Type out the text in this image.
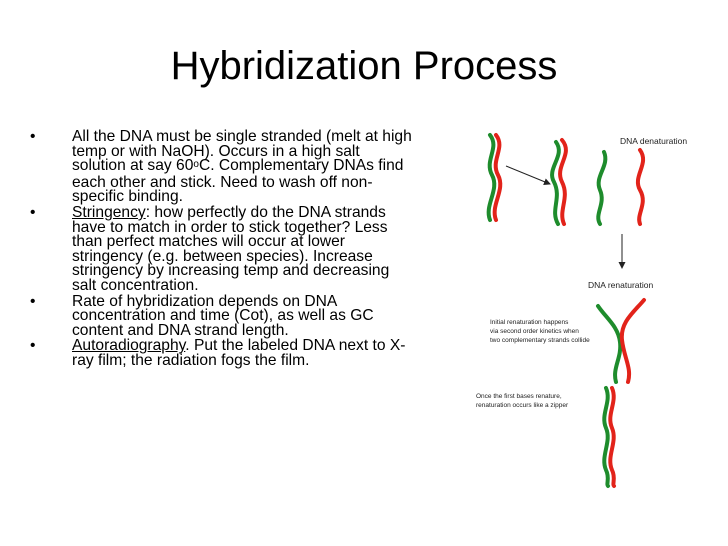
Hybridization Process
• All the DNA must be single stranded (melt at high temp or with NaOH). Occurs in a high salt solution at say 60oC. Complementary DNAs find each other and stick. Need to wash off non-specific binding.
• Stringency: how perfectly do the DNA strands have to match in order to stick together? Less than perfect matches will occur at lower stringency (e.g. between species). Increase stringency by increasing temp and decreasing salt concentration.
• Rate of hybridization depends on DNA concentration and time (Cot), as well as GC content and DNA strand length.
• Autoradiography. Put the labeled DNA next to X-ray film; the radiation fogs the film.
DNA denaturation
DNA renaturation
Initial renaturation happens
via second order kinetics when
two complementary strands collide
Once the first bases renature,
renaturation occurs like a zipper
